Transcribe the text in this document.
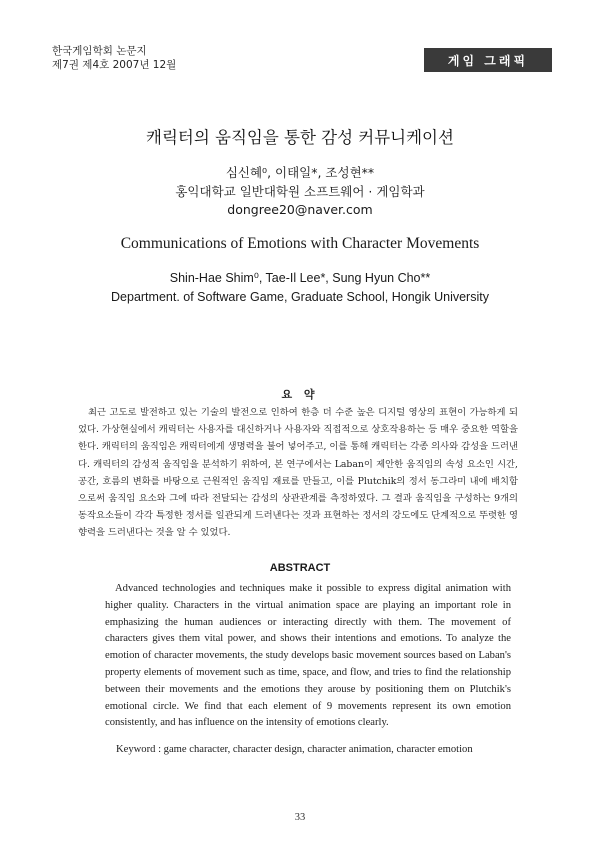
한국게임학회 논문지
제7권 제4호 2007년 12월	게임 그래픽
캐릭터의 움직임을 통한 감성 커뮤니케이션
심신혜⁰, 이태일*, 조성현**
홍익대학교 일반대학원 소프트웨어 · 게임학과
dongree20@naver.com
Communications of Emotions with Character Movements
Shin-Hae Shim⁰, Tae-Il Lee*, Sung Hyun Cho**
Department. of Software Game, Graduate School, Hongik University
요 약

최근 고도로 발전하고 있는 기술의 발전으로 인하여 한층 더 수준 높은 디지털 영상의 표현이 가능하게 되었다. 가상현실에서 캐릭터는 사용자를 대신하거나 사용자와 직접적으로 상호작용하는 등 매우 중요한 역할을 한다. 캐릭터의 움직임은 캐릭터에게 생명력을 불어 넣어주고, 이를 통해 캐릭터는 각종 의사와 감성을 드러낸다. 캐릭터의 감성적 움직임을 분석하기 위하여, 본 연구에서는 Laban이 제안한 움직임의 속성 요소인 시간, 공간, 흐름의 변화를 바탕으로 근원적인 움직임 재료를 만들고, 이를 Plutchik의 정서 동그라미 내에 배치함으로써 움직임 요소와 그에 따라 전달되는 감성의 상관관계를 측정하였다. 그 결과 움직임을 구성하는 9개의 동작요소들이 각각 특정한 정서를 일관되게 드러낸다는 것과 표현하는 정서의 강도에도 단계적으로 뚜렷한 영향력을 드러낸다는 것을 알 수 있었다.

ABSTRACT

Advanced technologies and techniques make it possible to express digital animation with higher quality. Characters in the virtual animation space are playing an important role in emphasizing the human audiences or interacting directly with them. The movement of characters gives them vital power, and shows their intentions and emotions. To analyze the emotion of character movements, the study develops basic movement sources based on Laban's property elements of movement such as time, space, and flow, and tries to find the relationship between their movements and the emotions they arouse by positioning them on Plutchik's emotional circle. We find that each element of 9 movements represent its own emotion consistently, and has influence on the intensity of emotions clearly.

Keyword : game character, character design, character animation, character emotion
33
